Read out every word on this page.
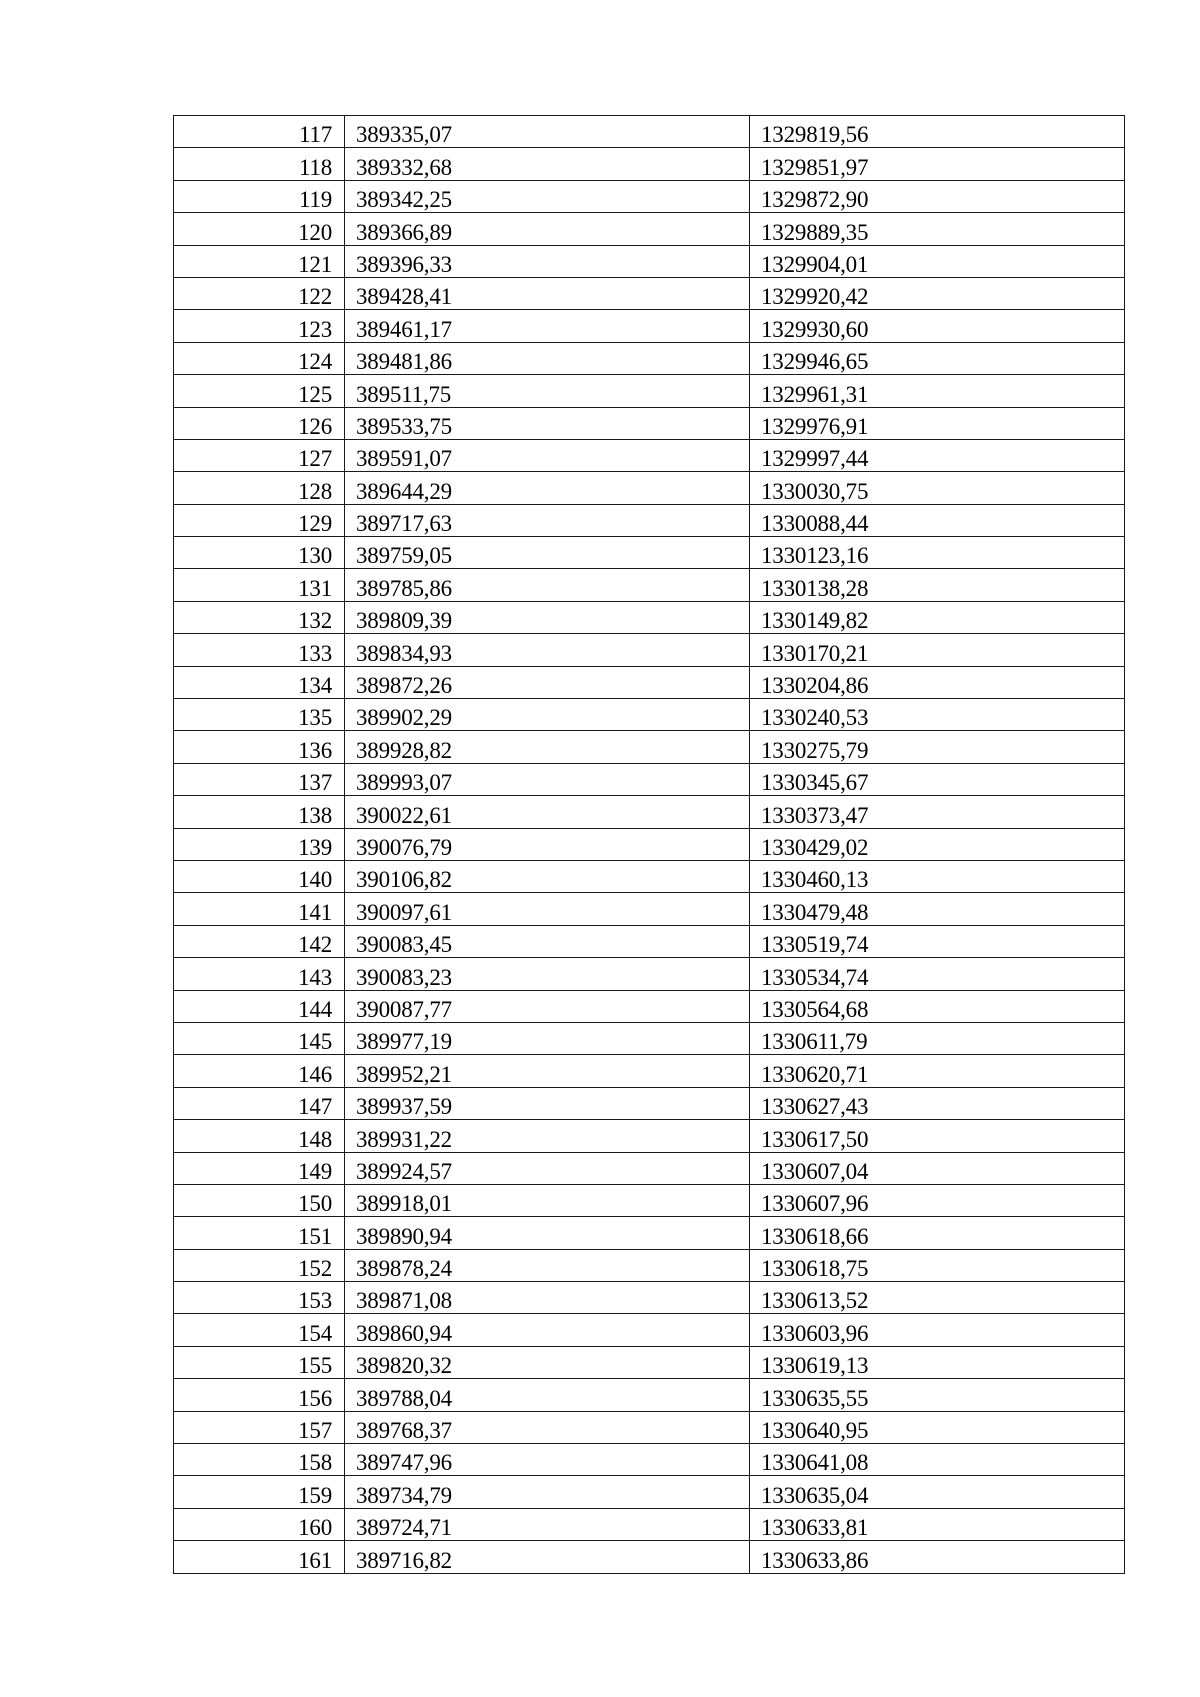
117	389335,07	1329819,56
118	389332,68	1329851,97
119	389342,25	1329872,90
120	389366,89	1329889,35
121	389396,33	1329904,01
122	389428,41	1329920,42
123	389461,17	1329930,60
124	389481,86	1329946,65
125	389511,75	1329961,31
126	389533,75	1329976,91
127	389591,07	1329997,44
128	389644,29	1330030,75
129	389717,63	1330088,44
130	389759,05	1330123,16
131	389785,86	1330138,28
132	389809,39	1330149,82
133	389834,93	1330170,21
134	389872,26	1330204,86
135	389902,29	1330240,53
136	389928,82	1330275,79
137	389993,07	1330345,67
138	390022,61	1330373,47
139	390076,79	1330429,02
140	390106,82	1330460,13
141	390097,61	1330479,48
142	390083,45	1330519,74
143	390083,23	1330534,74
144	390087,77	1330564,68
145	389977,19	1330611,79
146	389952,21	1330620,71
147	389937,59	1330627,43
148	389931,22	1330617,50
149	389924,57	1330607,04
150	389918,01	1330607,96
151	389890,94	1330618,66
152	389878,24	1330618,75
153	389871,08	1330613,52
154	389860,94	1330603,96
155	389820,32	1330619,13
156	389788,04	1330635,55
157	389768,37	1330640,95
158	389747,96	1330641,08
159	389734,79	1330635,04
160	389724,71	1330633,81
161	389716,82	1330633,86
